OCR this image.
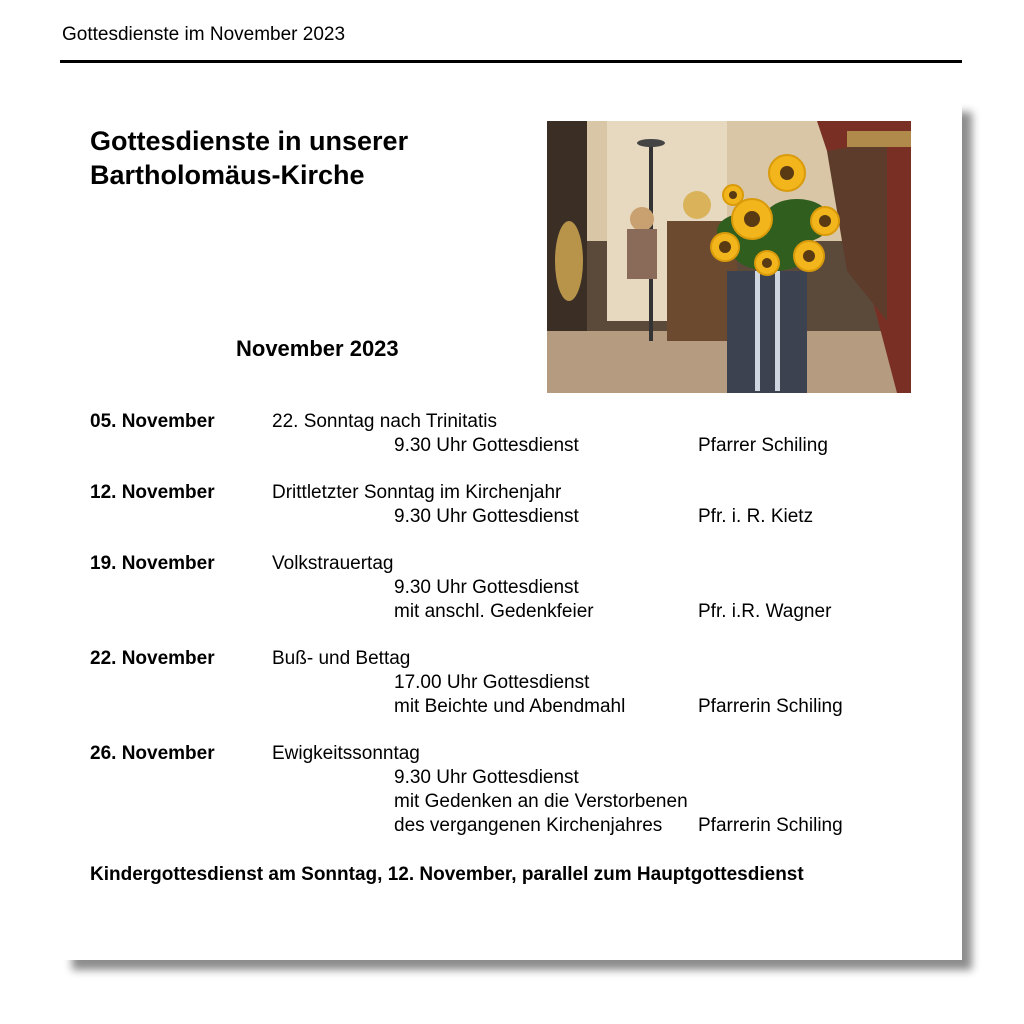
Gottesdienste im November 2023
Gottesdienste in unserer
Bartholomäus-Kirche
November 2023
05. November	22. Sonntag nach Trinitatis
9.30 Uhr Gottesdienst	Pfarrer Schiling
12. November	Drittletzter Sonntag im Kirchenjahr
9.30 Uhr Gottesdienst	Pfr. i. R. Kietz
19. November	Volkstrauertag
9.30 Uhr Gottesdienst
mit anschl. Gedenkfeier	Pfr. i.R. Wagner
22. November	Buß- und Bettag
17.00 Uhr Gottesdienst
mit Beichte und Abendmahl	Pfarrerin Schiling
26. November	Ewigkeitssonntag
9.30 Uhr Gottesdienst
mit Gedenken an die Verstorbenen
des vergangenen Kirchenjahres Pfarrerin Schiling
Kindergottesdienst am Sonntag, 12. November, parallel zum Hauptgottesdienst
